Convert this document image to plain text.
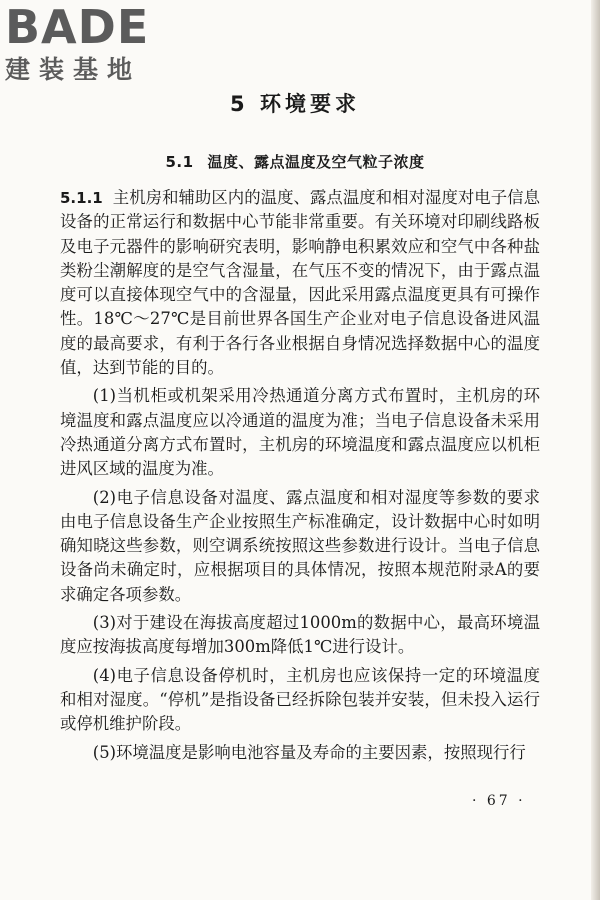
BADE
建装基地
5 环境要求
5.1 温度、露点温度及空气粒子浓度

5.1.1 主机房和辅助区内的温度、露点温度和相对湿度对电子信息设备的正常运行和数据中心节能非常重要。有关环境对印刷线路板及电子元器件的影响研究表明，影响静电积累效应和空气中各种盐类粉尘潮解度的是空气含湿量，在气压不变的情况下，由于露点温度可以直接体现空气中的含湿量，因此采用露点温度更具有可操作性。18℃～27℃是目前世界各国生产企业对电子信息设备进风温度的最高要求，有利于各行各业根据自身情况选择数据中心的温度值，达到节能的目的。

(1)当机柜或机架采用冷热通道分离方式布置时，主机房的环境温度和露点温度应以冷通道的温度为准；当电子信息设备未采用冷热通道分离方式布置时，主机房的环境温度和露点温度应以机柜进风区域的温度为准。

(2)电子信息设备对温度、露点温度和相对湿度等参数的要求由电子信息设备生产企业按照生产标准确定，设计数据中心时如明确知晓这些参数，则空调系统按照这些参数进行设计。当电子信息设备尚未确定时，应根据项目的具体情况，按照本规范附录A的要求确定各项参数。

(3)对于建设在海拔高度超过1000m的数据中心，最高环境温度应按海拔高度每增加300m降低1℃进行设计。

(4)电子信息设备停机时，主机房也应该保持一定的环境温度和相对湿度。“停机”是指设备已经拆除包装并安装，但未投入运行或停机维护阶段。

(5)环境温度是影响电池容量及寿命的主要因素，按照现行行

· 67 ·
